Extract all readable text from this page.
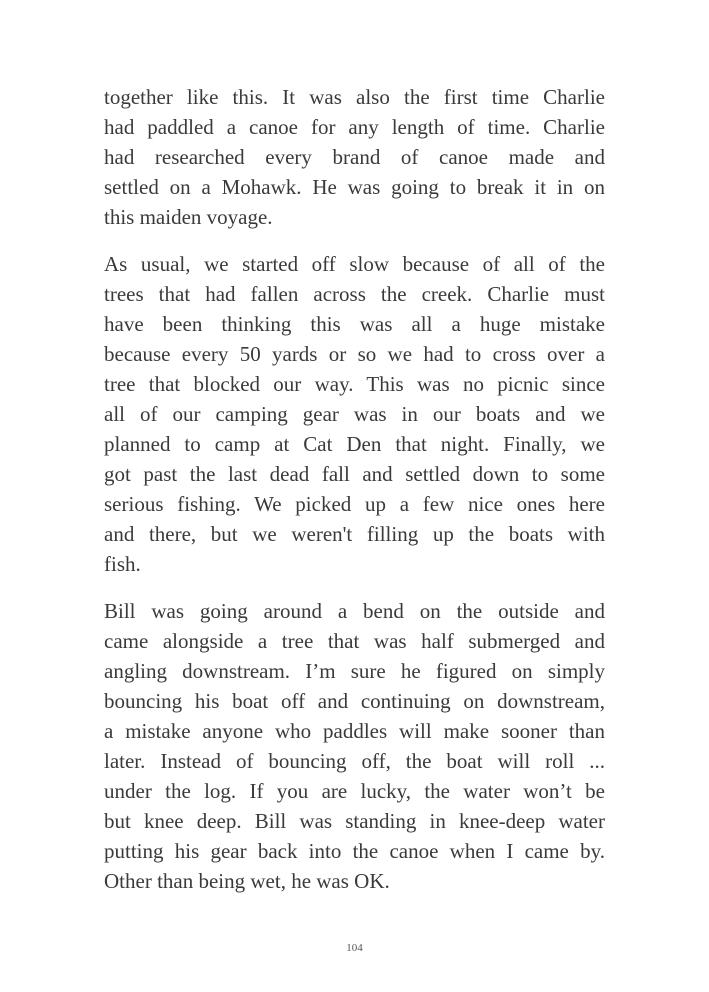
together like this. It was also the first time Charlie
had paddled a canoe for any length of time. Charlie
had researched every brand of canoe made and
settled on a Mohawk. He was going to break it in on
this maiden voyage.

As usual, we started off slow because of all of the
trees that had fallen across the creek. Charlie must
have been thinking this was all a huge mistake
because every 50 yards or so we had to cross over a
tree that blocked our way. This was no picnic since
all of our camping gear was in our boats and we
planned to camp at Cat Den that night. Finally, we
got past the last dead fall and settled down to some
serious fishing. We picked up a few nice ones here
and there, but we weren't filling up the boats with
fish.

Bill was going around a bend on the outside and
came alongside a tree that was half submerged and
angling downstream. I’m sure he figured on simply
bouncing his boat off and continuing on downstream,
a mistake anyone who paddles will make sooner than
later. Instead of bouncing off, the boat will roll ...
under the log. If you are lucky, the water won’t be
but knee deep. Bill was standing in knee-deep water
putting his gear back into the canoe when I came by.
Other than being wet, he was OK.

104
